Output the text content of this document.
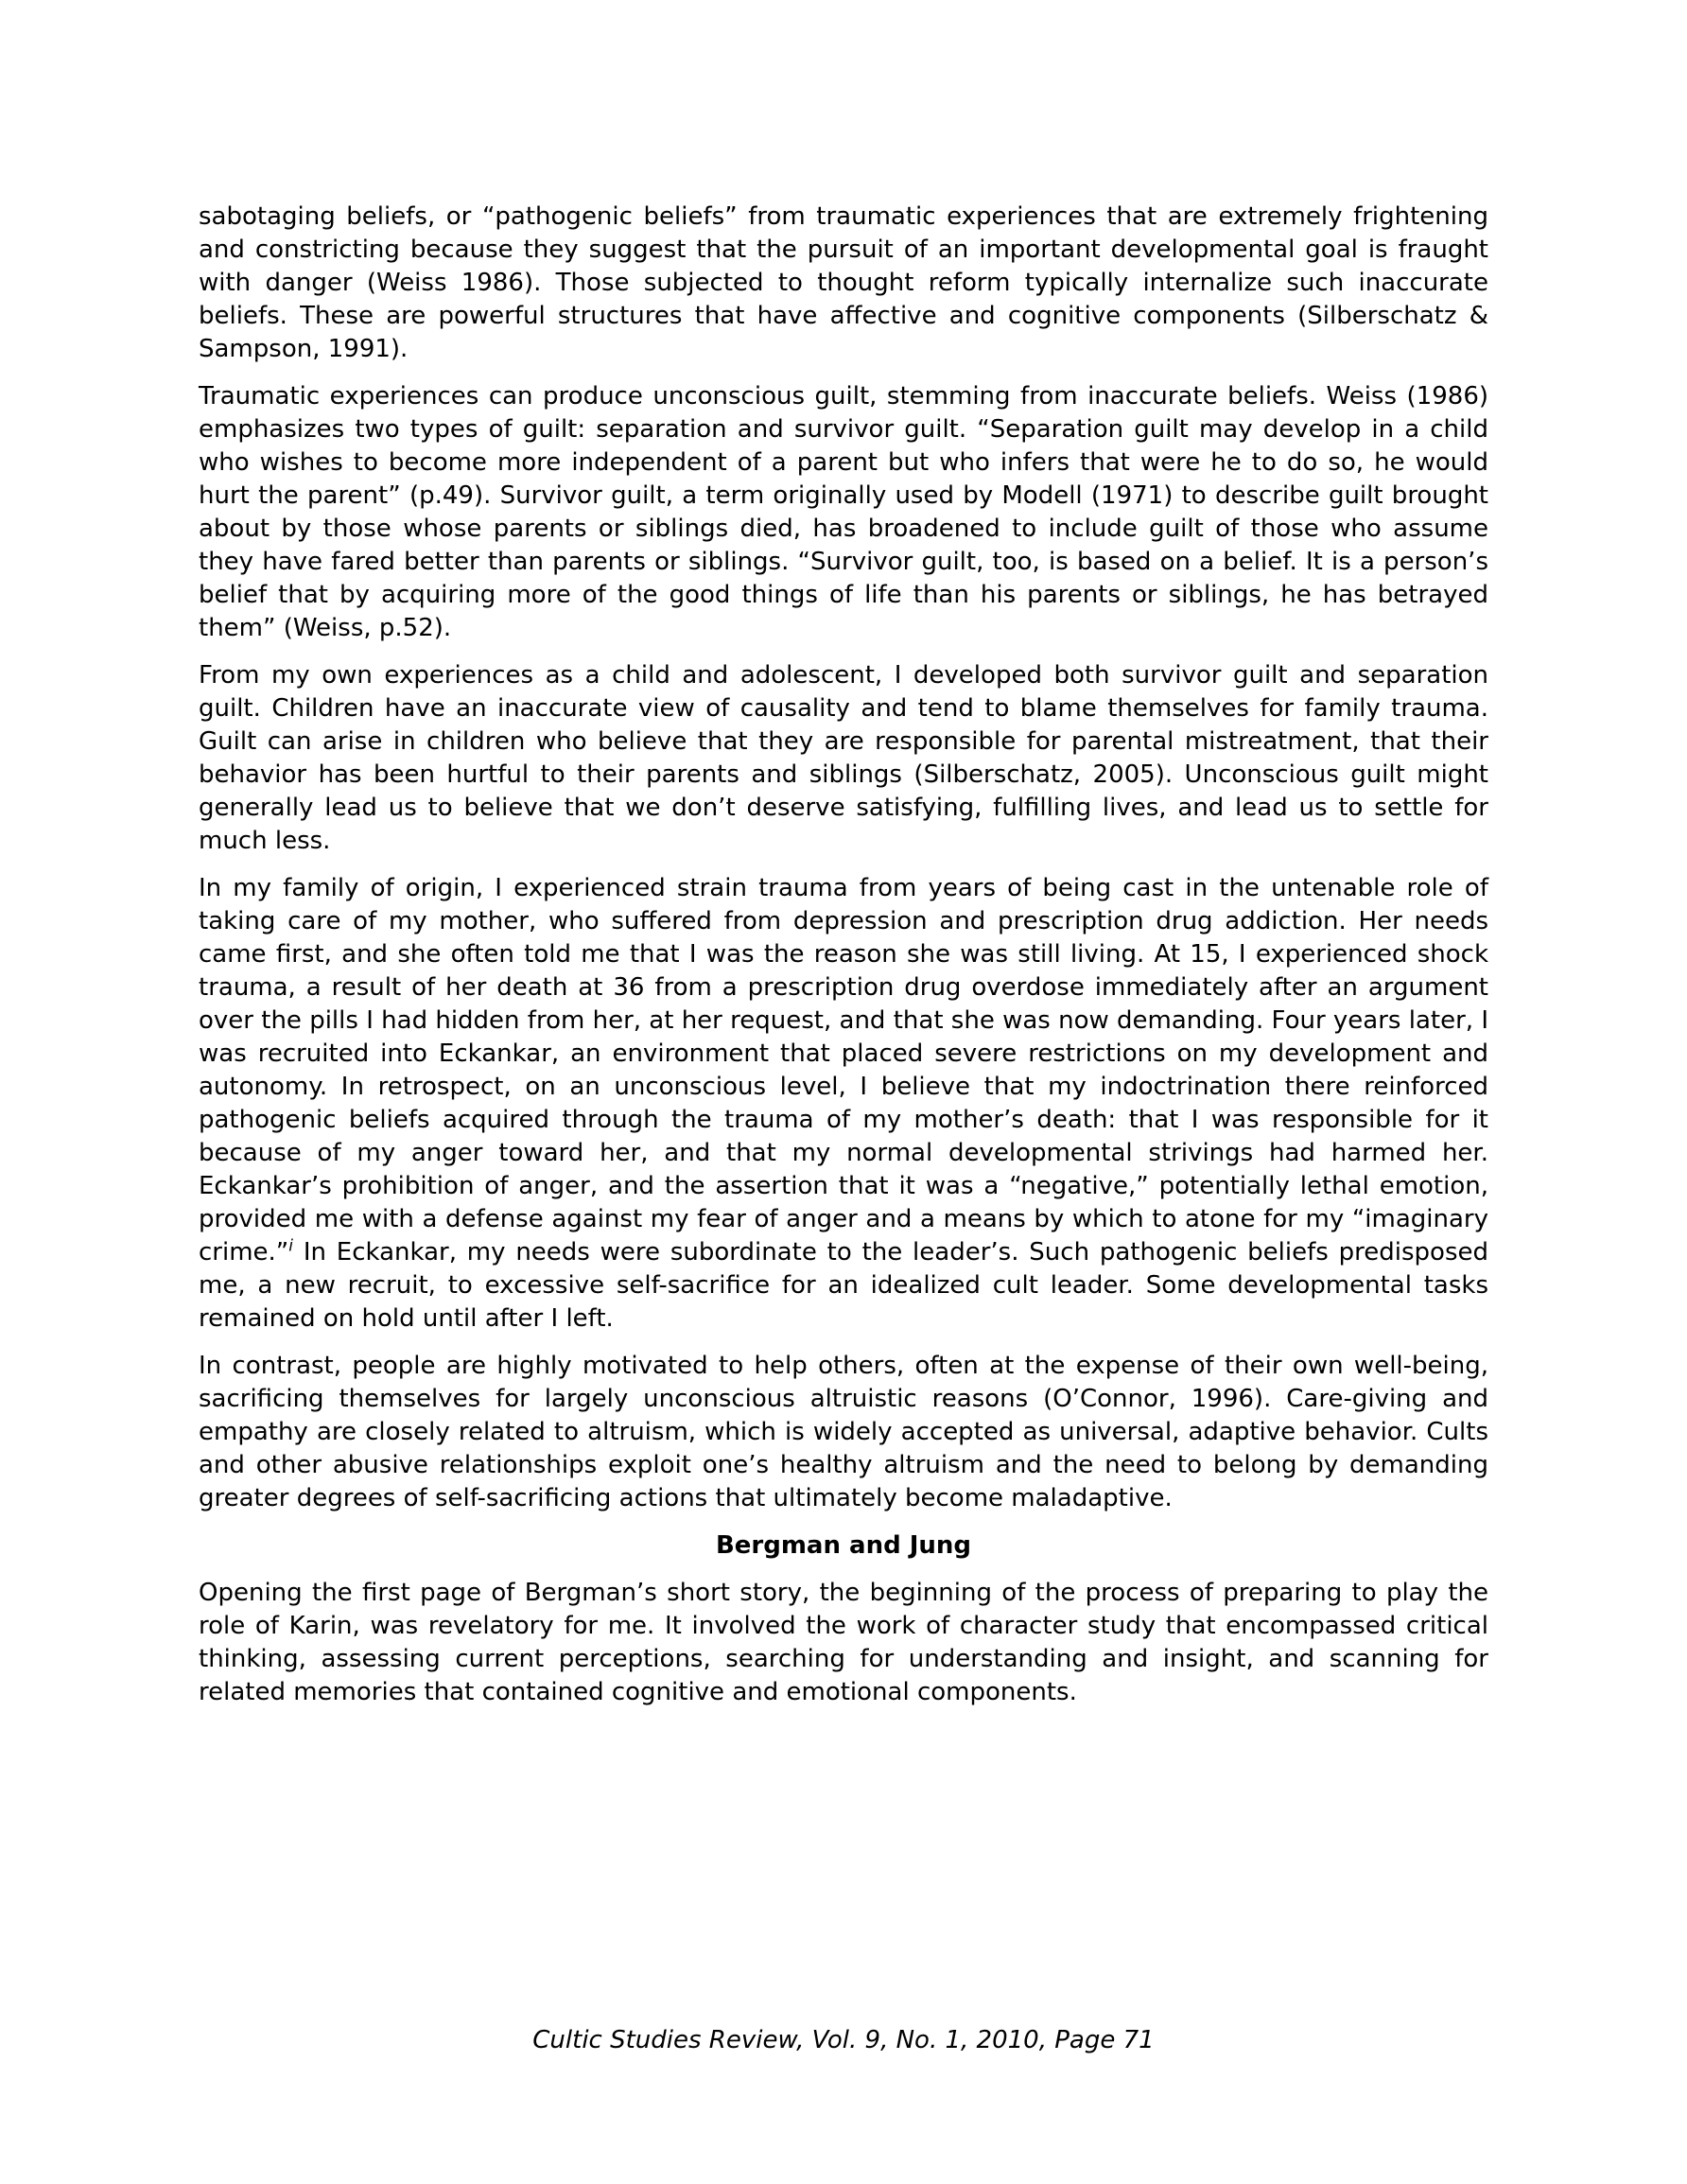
sabotaging beliefs, or “pathogenic beliefs” from traumatic experiences that are extremely frightening and constricting because they suggest that the pursuit of an important developmental goal is fraught with danger (Weiss 1986). Those subjected to thought reform typically internalize such inaccurate beliefs. These are powerful structures that have affective and cognitive components (Silberschatz & Sampson, 1991).

Traumatic experiences can produce unconscious guilt, stemming from inaccurate beliefs. Weiss (1986) emphasizes two types of guilt: separation and survivor guilt. “Separation guilt may develop in a child who wishes to become more independent of a parent but who infers that were he to do so, he would hurt the parent” (p.49). Survivor guilt, a term originally used by Modell (1971) to describe guilt brought about by those whose parents or siblings died, has broadened to include guilt of those who assume they have fared better than parents or siblings. “Survivor guilt, too, is based on a belief. It is a person’s belief that by acquiring more of the good things of life than his parents or siblings, he has betrayed them” (Weiss, p.52).

From my own experiences as a child and adolescent, I developed both survivor guilt and separation guilt. Children have an inaccurate view of causality and tend to blame themselves for family trauma. Guilt can arise in children who believe that they are responsible for parental mistreatment, that their behavior has been hurtful to their parents and siblings (Silberschatz, 2005). Unconscious guilt might generally lead us to believe that we don’t deserve satisfying, fulfilling lives, and lead us to settle for much less.

In my family of origin, I experienced strain trauma from years of being cast in the untenable role of taking care of my mother, who suffered from depression and prescription drug addiction. Her needs came first, and she often told me that I was the reason she was still living. At 15, I experienced shock trauma, a result of her death at 36 from a prescription drug overdose immediately after an argument over the pills I had hidden from her, at her request, and that she was now demanding. Four years later, I was recruited into Eckankar, an environment that placed severe restrictions on my development and autonomy. In retrospect, on an unconscious level, I believe that my indoctrination there reinforced pathogenic beliefs acquired through the trauma of my mother’s death: that I was responsible for it because of my anger toward her, and that my normal developmental strivings had harmed her. Eckankar’s prohibition of anger, and the assertion that it was a “negative,” potentially lethal emotion, provided me with a defense against my fear of anger and a means by which to atone for my “imaginary crime.”$^i$ In Eckankar, my needs were subordinate to the leader’s. Such pathogenic beliefs predisposed me, a new recruit, to excessive self-sacrifice for an idealized cult leader. Some developmental tasks remained on hold until after I left.

In contrast, people are highly motivated to help others, often at the expense of their own well-being, sacrificing themselves for largely unconscious altruistic reasons (O’Connor, 1996). Care-giving and empathy are closely related to altruism, which is widely accepted as universal, adaptive behavior. Cults and other abusive relationships exploit one’s healthy altruism and the need to belong by demanding greater degrees of self-sacrificing actions that ultimately become maladaptive.

Bergman and Jung

Opening the first page of Bergman’s short story, the beginning of the process of preparing to play the role of Karin, was revelatory for me. It involved the work of character study that encompassed critical thinking, assessing current perceptions, searching for understanding and insight, and scanning for related memories that contained cognitive and emotional components.

Cultic Studies Review, Vol. 9, No. 1, 2010, Page 71
